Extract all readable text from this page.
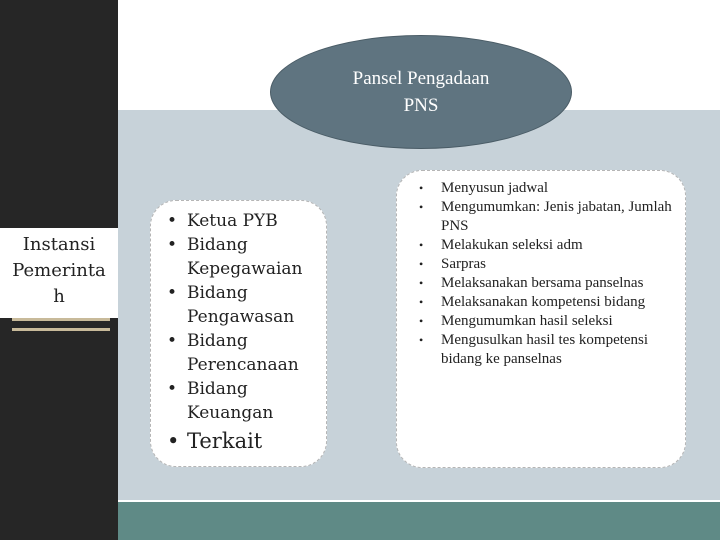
Instansi
Pemerinta
h
Pansel Pengadaan
PNS
• Ketua PYB
• Bidang Kepegawaian
• Bidang Pengawasan
• Bidang Perencanaan
• Bidang Keuangan
• Terkait
• Menyusun jadwal
• Mengumumkan: Jenis jabatan, Jumlah PNS
• Melakukan seleksi adm
• Sarpras
• Melaksanakan bersama panselnas
• Melaksanakan kompetensi bidang
• Mengumumkan hasil seleksi
• Mengusulkan hasil tes kompetensi bidang ke panselnas
